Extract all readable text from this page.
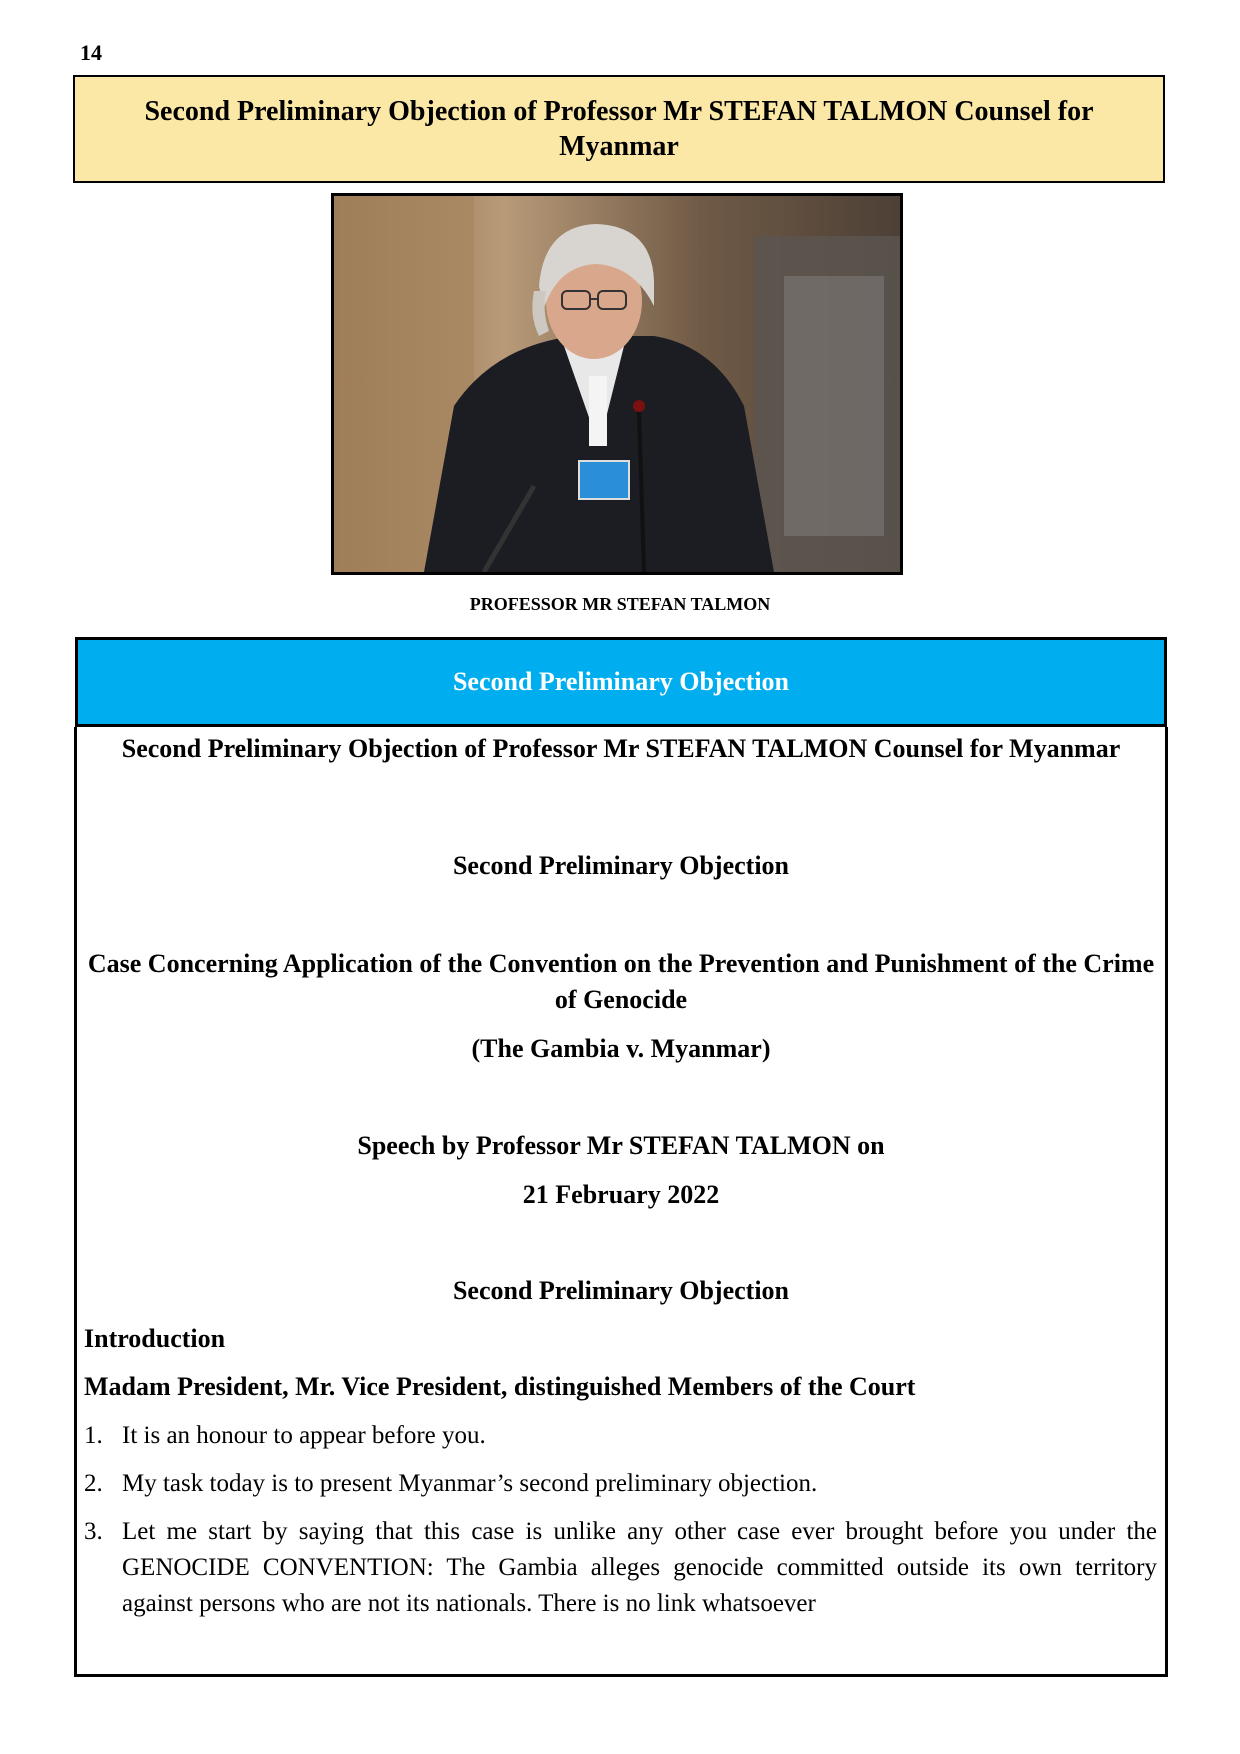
14
Second Preliminary Objection of Professor Mr STEFAN TALMON Counsel for Myanmar
PROFESSOR MR STEFAN TALMON
Second Preliminary Objection
Second Preliminary Objection of Professor Mr STEFAN TALMON Counsel for Myanmar
Second Preliminary Objection
Case Concerning Application of the Convention on the Prevention and Punishment of the Crime of Genocide
(The Gambia v. Myanmar)
Speech by Professor Mr STEFAN TALMON on
21 February 2022
Second Preliminary Objection
Introduction
Madam President, Mr. Vice President, distinguished Members of the Court
1. It is an honour to appear before you.
2. My task today is to present Myanmar’s second preliminary objection.
3. Let me start by saying that this case is unlike any other case ever brought before you under the GENOCIDE CONVENTION: The Gambia alleges genocide committed outside its own territory against persons who are not its nationals. There is no link whatsoever
